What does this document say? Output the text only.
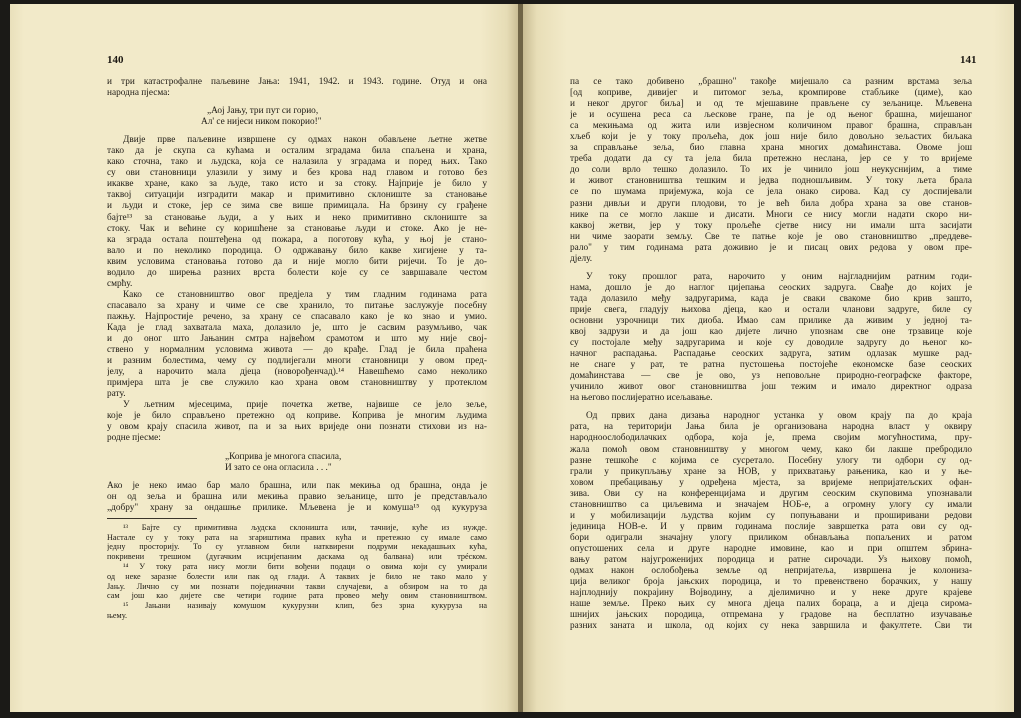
140
и три катастрофалне паљевине Јања: 1941, 1942. и 1943. године. Отуд и она
народна пјесма:
„Аој Јању, три пут си горио,
Ал' се нијеси ником покорио!"
Двије прве паљевине извршене су одмах након обављене љетне жетве
тако да је скупа са кућама и осталим зградама била спаљена и храна,
како сточна, тако и људска, која се налазила у зградама и поред њих. Тако
су ови становници улазили у зиму и без крова над главом и готово без
икакве хране, како за људе, тако исто и за стоку. Најприје је било у
таквој ситуацији изградити макар и примитивно склониште за становање
и људи и стоке, јер се зима све више примицала. На брзину су грађене
бајте¹³ за становање људи, а у њих и нeкo примитивно склониште за
стоку. Чак и већине су коришћене за становање људи и стоке. Ако је не-
ка зграда остала поштеђена од пожара, а поготову кућа, у њој је стано-
вало и по неколико породица. О одржавању било какве хигијене у та-
квим условима становања готово да и није могло бити ријечи. То је до-
водило до ширења разних врста болести које су се завршавале честом
смрћу.
Како се становништво овог предјела у тим гладним годинама рата
спасавало за храну и чиме се све хранило, то питање заслужује посебну
пажњу. Најпростије речено, за храну се спасавало како је ко знао и умио.
Када је глад захватала маха, долазило је, што је сасвим разумљиво, чак
и до оног што Јањанин смтра највећом срамотом и што му није свој-
ствено у нормалним условима живота — до крађе. Глад је била праћена
и разним болестима, чему су подлијегали многи становници у овом пред-
јелу, а нарочито мала дјеца (новорођенчад).¹⁴ Навешћемо само неколико
примјера шта је све служило као храна овом становништву у протеклом
рату.
У љетним мјесецима, прије почетка жетве, највише се јело зеље,
које је било справљено претежно од коприве. Коприва је многим људима
у овом крају спасила живот, па и за њих вриједе они познати стихови из на-
родне пјесме:
„Коприва је многога спасила,
И зато се она огласила . . ."
Ако је неко имао бар мало брашна, или пак мекиња од брашна, онда је
он од зеља и брашна или мекиња правио зељанице, што је представљало
„добру" храну за ондашње прилике. Мљевена је и комушa¹⁵ од кукуруза
¹³ Бајте су примитивна људска склоништа или, тачније, куће из нужде.
Настале су у току рата на згариштима правих кућа и претежно су имале само
једну просторију. То су углавном били натквирени подруми некадашњих кућа,
покривени трешиом (дугачким исцијепаним даскама од балвана) или трéском.
¹⁴ У току рата нису могли бити вођени подаци о овима који су умирали
од неке заразне болести или пак од глади. А таквих је било не тако мало у
Јању. Лично су ми познати појединачни такви случајеви, а обзиром на то да
сам још као дијете све четири године рата провео међу овим становништвом.
¹⁵ Јањани називају комушом кукурузни клип, без зрна кукуруза на
њему.
141
па се тако добивено „брашно" такође мијешало са разним врстама зеља
[од коприве, дивијег и питомог зеља, кромпирове стабљике (циме), као
и неког другог биља] и од те мјешавине прављене су зељанице. Мљевена
је и осушена реса са љескове гране, па је од њеног брашна, мијешаног
са мекињама од жита или извјесном количином правог брашна, справљан
хљеб који је у току прољећа, док још није било довољно зељастих биљака
за справљање зеља, био главна храна многих домаћинстава. Овоме још
треба додати да су та јела била претежно неслана, јер се у то вријеме
до соли врло тешко долазило. То их је чинило још неукуснијим, а тиме
и живот становништва тешким и једва подношљивим. У току љета брала
се по шумама пријемужа, која се јела онако сирова. Кад су доспијевали
разни дивљи и други плодови, то је већ била добра храна за ове станов-
нике па се могло лакше и дисати. Многи се нису могли надати скоро ни-
каквој жетви, јер у току прољеће сјетве нису ни имали шта засијати
ни чиме заорати земљу. Све те патње које је ово становништво „преддеве-
рало" у тим годинама рата доживио је и писац ових редова у овом пре-
дјелу.
У току прошлог рата, нарочито у оним најгладнијим ратним годи-
нама, дошло је до наглог цијепања сеоских задруга. Свађе до којих је
тада долазило међу задругарима, када је сваки свакоме био крив зашто,
прије свега, гладују њихова дјеца, као и остали чланови задруге, биле су
основни узрочници тих диоба. Имао сам прилике да живим у једној та-
квој задрузи и да још као дијете лично упознам све оне трзавице које
су постојале међу задругарима и које су доводиле задругу до њеног ко-
начног распадања. Распадање сеоских задруга, затим одлазак мушке рад-
не снаге у рат, те ратна пустошења постојеће економске базе сеоских
домаћинстава — све је ово, уз неповољне природно-географске факторе,
учинило живот овог становништва још тежим и имало директног одраза
на његово послијератно исељавање.
Од првих дана дизања народног устанка у овом крају па до краја
рата, на територији Јања била је организована народна власт у оквиру
народноослободилачких одбора, која је, према својим могућностима, пру-
жала помоћ овом становништву у многом чему, како би лакше пребродило
разне тешкоће с којима се сусретало. Посебну улогу ти одбори су од-
грали у прикупљању хране за НОВ, у прихватању рањеника, као и у ње-
ховом пребацивању у одређена мјеста, за вријеме непријатељских офан-
зива. Ови су на конференцијама и другим сеоским скуповима упознавали
становништво са циљевима и значајем НОБ-е, а огромну улогу су имали
и у мобилизацији људства којим су попуњавани и проширивани редови
јединица НОВ-е. И у првим годинама послије завршетка рата ови су од-
бори одиграли значајну улогу приликом обнављања попаљених и ратом
опустошених села и друге народне имовине, као и при општем збрина-
вању ратом најугроженијих породица и ратне сирочади. Уз њихову помоћ,
одмах након ослобођења земље од непријатеља, извршена је колониза-
ција великог броја јањских породица, и то превенствено борачких, у нашу
најплоднију покрајину Војводину, а дјелимично и у неке друге крајеве
наше земље. Преко њих су многа дјеца палих бораца, а и дјеца сирома-
шнијих јањских породица, отпремана у градове на бесплатно изучавање
разних заната и школа, од којих су нека завршила и факултете. Сви ти
